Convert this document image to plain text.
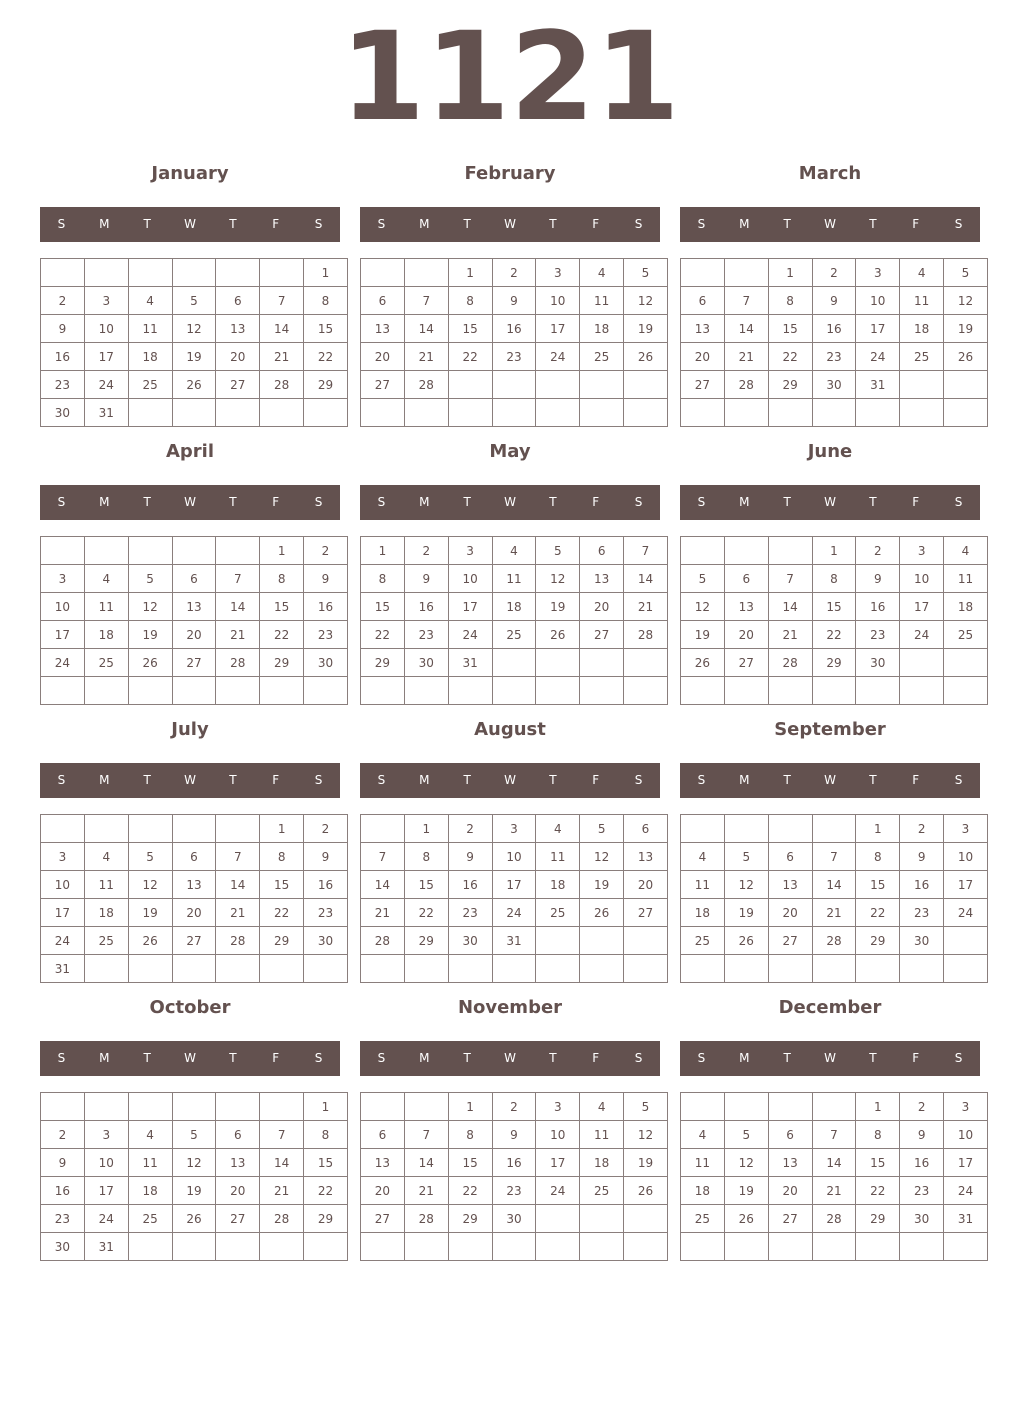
1121
January
S	M	T	W	T	F	S
						1
2	3	4	5	6	7	8
9	10	11	12	13	14	15
16	17	18	19	20	21	22
23	24	25	26	27	28	29
30	31					
February
S	M	T	W	T	F	S
		1	2	3	4	5
6	7	8	9	10	11	12
13	14	15	16	17	18	19
20	21	22	23	24	25	26
27	28					

March
S	M	T	W	T	F	S
		1	2	3	4	5
6	7	8	9	10	11	12
13	14	15	16	17	18	19
20	21	22	23	24	25	26
27	28	29	30	31		

April
S	M	T	W	T	F	S
					1	2
3	4	5	6	7	8	9
10	11	12	13	14	15	16
17	18	19	20	21	22	23
24	25	26	27	28	29	30

May
S	M	T	W	T	F	S
1	2	3	4	5	6	7
8	9	10	11	12	13	14
15	16	17	18	19	20	21
22	23	24	25	26	27	28
29	30	31				

June
S	M	T	W	T	F	S
			1	2	3	4
5	6	7	8	9	10	11
12	13	14	15	16	17	18
19	20	21	22	23	24	25
26	27	28	29	30		

July
S	M	T	W	T	F	S
					1	2
3	4	5	6	7	8	9
10	11	12	13	14	15	16
17	18	19	20	21	22	23
24	25	26	27	28	29	30
31						
August
S	M	T	W	T	F	S
	1	2	3	4	5	6
7	8	9	10	11	12	13
14	15	16	17	18	19	20
21	22	23	24	25	26	27
28	29	30	31			

September
S	M	T	W	T	F	S
				1	2	3
4	5	6	7	8	9	10
11	12	13	14	15	16	17
18	19	20	21	22	23	24
25	26	27	28	29	30	

October
S	M	T	W	T	F	S
						1
2	3	4	5	6	7	8
9	10	11	12	13	14	15
16	17	18	19	20	21	22
23	24	25	26	27	28	29
30	31					
November
S	M	T	W	T	F	S
		1	2	3	4	5
6	7	8	9	10	11	12
13	14	15	16	17	18	19
20	21	22	23	24	25	26
27	28	29	30			

December
S	M	T	W	T	F	S
				1	2	3
4	5	6	7	8	9	10
11	12	13	14	15	16	17
18	19	20	21	22	23	24
25	26	27	28	29	30	31
